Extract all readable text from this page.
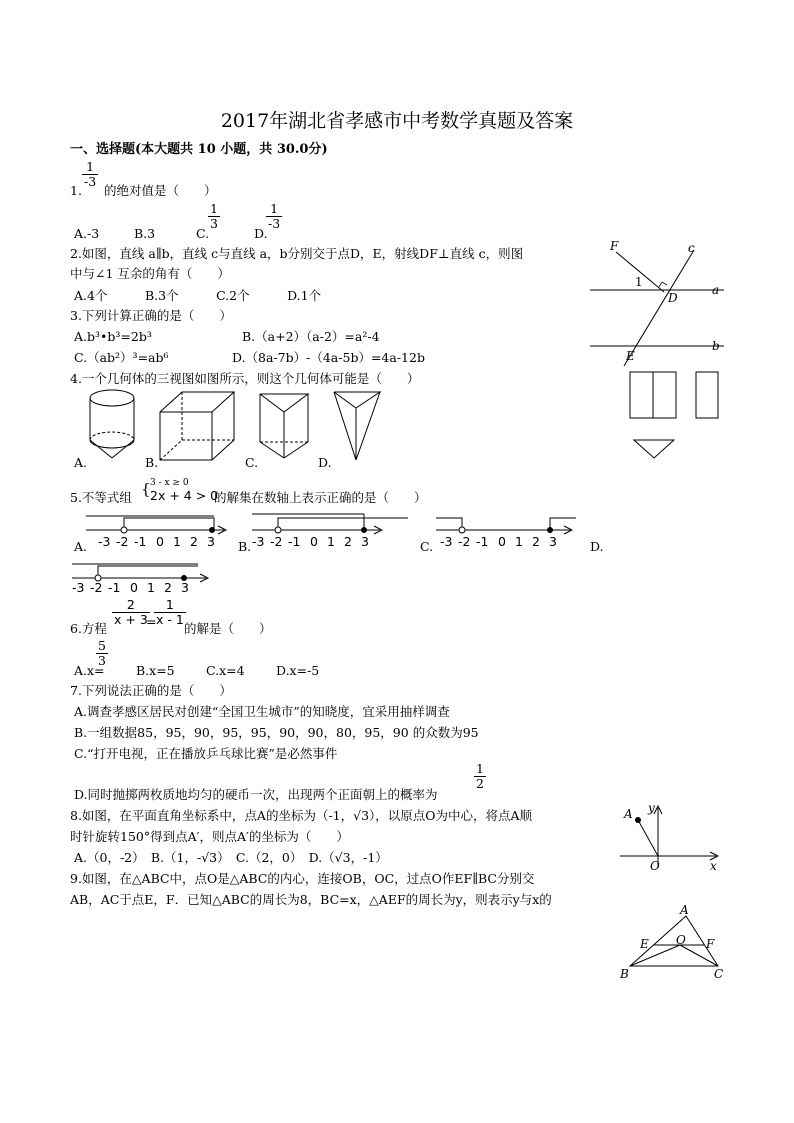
2017年湖北省孝感市中考数学真题及答案
一、选择题(本大题共 10 小题，共 30.0分)
1.
$\frac{1}{-3}$
的绝对值是（　　）
A.-3	B.3	C.
$\frac{1}{3}$
D.
$\frac{1}{-3}$
2.如图，直线 a∥b，直线 c与直线 a，b分别交于点D，E，射线DF⊥直线 c，则图
中与∠1 互余的角有（　　）
A.4个　　　B.3个　　　C.2个　　　D.1个
F	c
1
D
a
E
b
3.下列计算正确的是（　　）
A.b³•b³=2b³	B.（a+2）（a-2）=a²-4
C.（ab²）³=ab⁶	D.（8a-7b）-（4a-5b）=4a-12b
4.一个几何体的三视图如图所示，则这个几何体可能是（　　）
A.	B.	C.	D.
5.不等式组 { 3 - x ≥ 0
2x + 4 > 0
的解集在数轴上表示正确的是（　　）
A.	B.	C.	D.
-3 -2 -1 0 1 2 3	-3 -2 -1 0 1 2 3	-3 -2 -1 0 1 2 3
-3 -2 -1 0 1 2 3
6.方程
$\frac{2}{x + 3}$
=
$\frac{1}{x - 1}$
的解是（　　）
A.x=
$\frac{5}{3}$
B.x=5	C.x=4	D.x=-5
7.下列说法正确的是（　　）
A.调查孝感区居民对创建“全国卫生城市”的知晓度，宜采用抽样调查
B.一组数据85，95，90，95，95，90，90，80，95，90 的众数为95
C.“打开电视，正在播放乒乓球比赛”是必然事件
D.同时抛掷两枚质地均匀的硬币一次，出现两个正面朝上的概率为
$\frac{1}{2}$
8.如图，在平面直角坐标系中，点A的坐标为（-1，√3），以原点O为中心，将点A顺
时针旋转150°得到点A′，则点A′的坐标为（　　）
A.（0，-2）　B.（1，-√3）　C.（2，0）　D.（√3，-1）
A y
O	x
9.如图，在△ABC中，点O是△ABC的内心，连接OB，OC，过点O作EF∥BC分别交
AB，AC于点E，F．已知△ABC的周长为8，BC=x，△AEF的周长为y，则表示y与x的
A
E O F
B	C
